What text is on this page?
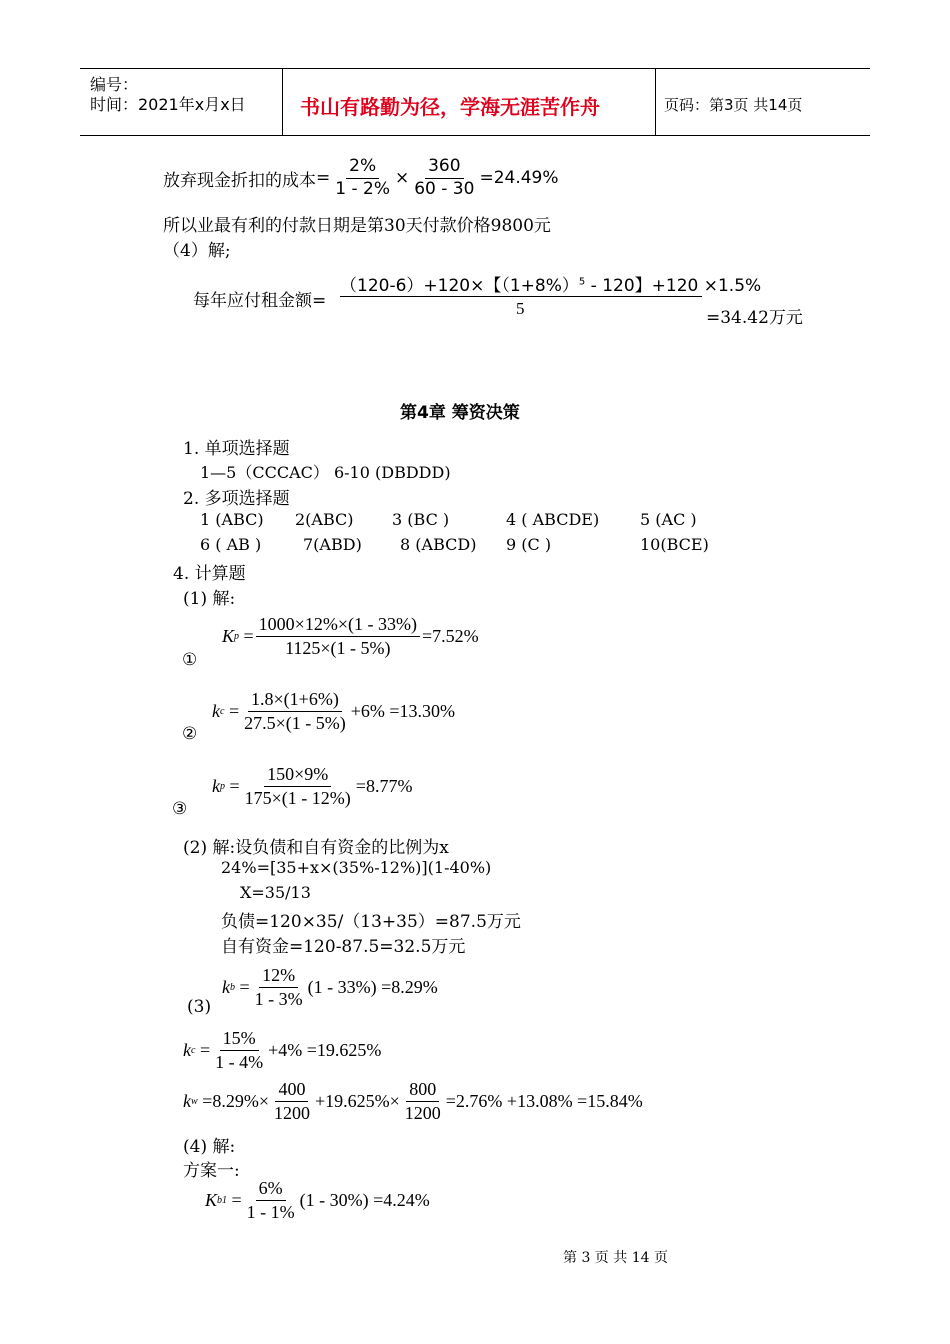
编号：
时间：2021年x月x日	书山有路勤为径，学海无涯苦作舟	页码：第3页 共14页
放弃现金折扣的成本 = $\frac{2\%}{1 - 2\%} \times \frac{360}{60 - 30} =24.49\%$
所以业最有利的付款日期是第30天付款价格9800元
（4）解;
每年应付租金额=
（120-6）+120×【$(1+8\%)^5 - 120$】+120 ×1.5%
5	=34.42万元
第4章 筹资决策
1. 单项选择题
1—5（CCCAC） 6-10 (DBDDD)
2. 多项选择题
1 (ABC) 2(ABC) 3 (BC )	4 ( ABCDE)	5 (AC )
6 ( AB )	7(ABD) 8 (ABCD) 9 (C )	10(BCE)
4. 计算题
(1) 解:
K $p = \frac{1000\times 12\%\times(1 - 33\%)}{1125\times(1 - 5\%)} =7.52\%$
①
k $c = \frac{1.8\times(1+6\%)}{27.5\times(1 - 5\%)} +6\% =13.30\%$
②
k $p = \frac{150\times 9\%}{175\times(1 - 12\%)} =8.77\%$
③
(2) 解:设负债和自有资金的比例为x
24%=[35+x×(35%-12%)](1-40%)
X=35/13
负债=120×35/（13+35）=87.5万元
自有资金=120-87.5=32.5万元
k $b = \frac{12\%}{1 - 3\%} (1 - 33\%) =8.29\%$
(3)
k $c = \frac{15\%}{1 - 4\%} +4\% =19.625\%$
k w
$=8.29\%\times \frac{400}{1200} +19.625\%\times \frac{800}{1200} =2.76\% +13.08\% =15.84\%$
(4) 解:
方案一:
K $b1 = \frac{6\%}{1 - 1\%} (1 - 30\%) =4.24\%$
第 3 页 共 14 页
